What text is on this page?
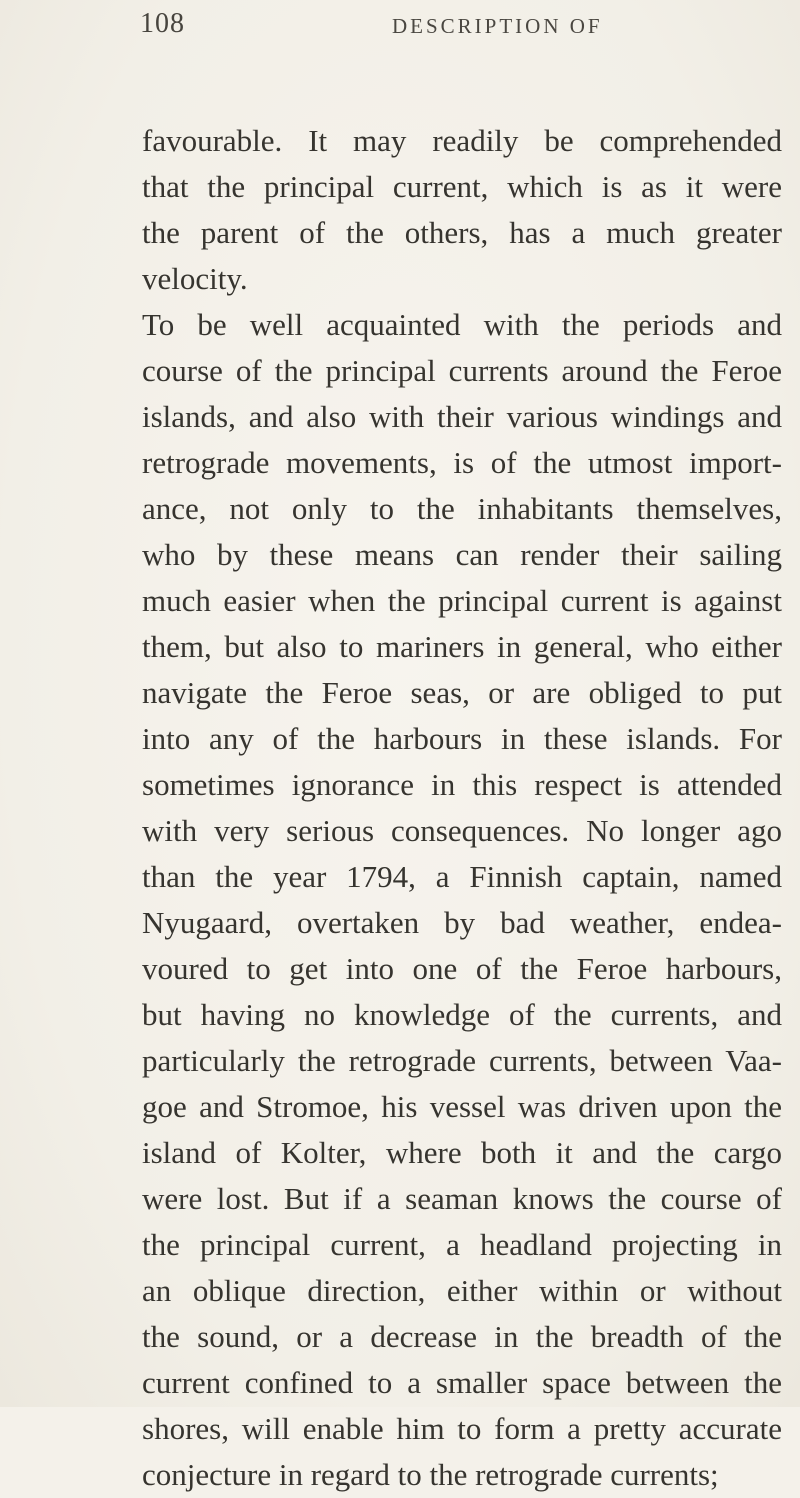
108	DESCRIPTION OF
favourable. It may readily be comprehended
that the principal current, which is as it were
the parent of the others, has a much greater
velocity.
To be well acquainted with the periods and
course of the principal currents around the Feroe
islands, and also with their various windings and
retrograde movements, is of the utmost import-
ance, not only to the inhabitants themselves,
who by these means can render their sailing
much easier when the principal current is against
them, but also to mariners in general, who either
navigate the Feroe seas, or are obliged to put
into any of the harbours in these islands. For
sometimes ignorance in this respect is attended
with very serious consequences. No longer ago
than the year 1794, a Finnish captain, named
Nyugaard, overtaken by bad weather, endea-
voured to get into one of the Feroe harbours,
but having no knowledge of the currents, and
particularly the retrograde currents, between Vaa-
goe and Stromoe, his vessel was driven upon the
island of Kolter, where both it and the cargo
were lost. But if a seaman knows the course of
the principal current, a headland projecting in
an oblique direction, either within or without
the sound, or a decrease in the breadth of the
current confined to a smaller space between the
shores, will enable him to form a pretty accurate
conjecture in regard to the retrograde currents;
